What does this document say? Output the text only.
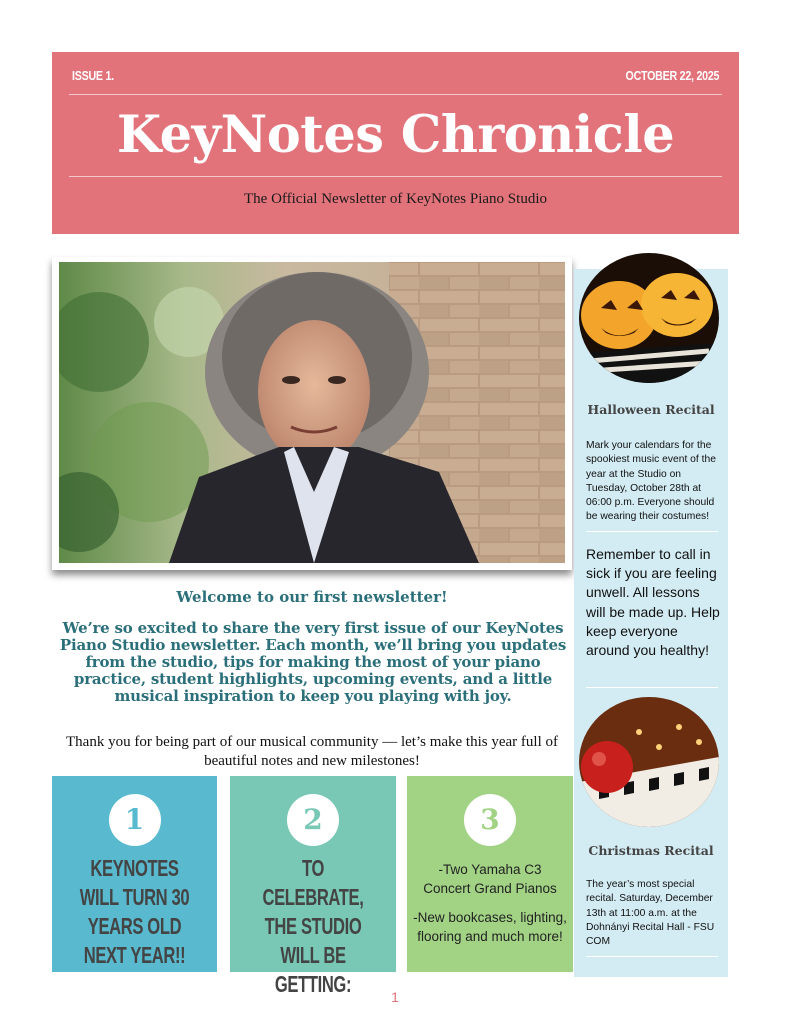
ISSUE 1.	OCTOBER 22, 2025
KeyNotes Chronicle
The Official Newsletter of KeyNotes Piano Studio
Welcome to our first newsletter!
We’re so excited to share the very first issue of our KeyNotes Piano Studio newsletter. Each month, we’ll bring you updates from the studio, tips for making the most of your piano practice, student highlights, upcoming events, and a little musical inspiration to keep you playing with joy.
Thank you for being part of our musical community — let’s make this year full of beautiful notes and new milestones!
1
KEYNOTES WILL TURN 30 YEARS OLD NEXT YEAR!!
2
TO CELEBRATE, THE STUDIO WILL BE GETTING:
3

-Two Yamaha C3 Concert Grand Pianos

-New bookcases, lighting, flooring and much more!

Halloween Recital
Mark your calendars for the spookiest music event of the year at the Studio on Tuesday, October 28th at 06:00 p.m. Everyone should be wearing their costumes!
Remember to call in sick if you are feeling unwell. All lessons will be made up. Help keep everyone around you healthy!
Christmas Recital
The year’s most special recital. Saturday, December 13th at 11:00 a.m. at the Dohnányi Recital Hall - FSU COM
1
